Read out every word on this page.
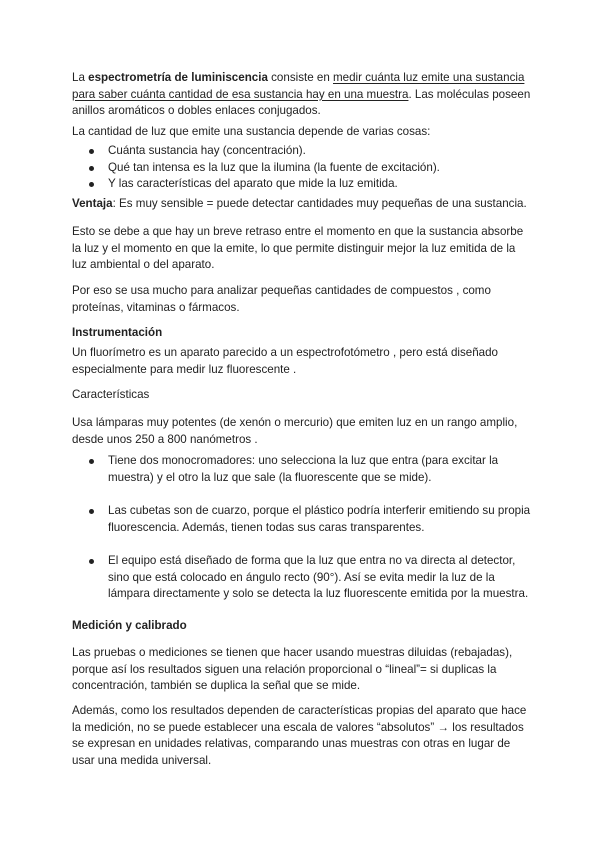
La espectrometría de luminiscencia consiste en medir cuánta luz emite una sustancia para saber cuánta cantidad de esa sustancia hay en una muestra. Las moléculas poseen anillos aromáticos o dobles enlaces conjugados.

La cantidad de luz que emite una sustancia depende de varias cosas:

Cuánta sustancia hay (concentración).
Qué tan intensa es la luz que la ilumina (la fuente de excitación).
Y las características del aparato que mide la luz emitida.

Ventaja: Es muy sensible = puede detectar cantidades muy pequeñas de una sustancia.

Esto se debe a que hay un breve retraso entre el momento en que la sustancia absorbe la luz y el momento en que la emite, lo que permite distinguir mejor la luz emitida de la luz ambiental o del aparato.

Por eso se usa mucho para analizar pequeñas cantidades de compuestos , como proteínas, vitaminas o fármacos.

Instrumentación

Un fluorímetro es un aparato parecido a un espectrofotómetro , pero está diseñado especialmente para medir luz fluorescente .

Características

Usa lámparas muy potentes (de xenón o mercurio) que emiten luz en un rango amplio, desde unos 250 a 800 nanómetros .

Tiene dos monocromadores: uno selecciona la luz que entra (para excitar la muestra) y el otro la luz que sale (la fluorescente que se mide).
Las cubetas son de cuarzo, porque el plástico podría interferir emitiendo su propia fluorescencia. Además, tienen todas sus caras transparentes.
El equipo está diseñado de forma que la luz que entra no va directa al detector, sino que está colocado en ángulo recto (90°). Así se evita medir la luz de la lámpara directamente y solo se detecta la luz fluorescente emitida por la muestra.

Medición y calibrado

Las pruebas o mediciones se tienen que hacer usando muestras diluidas (rebajadas), porque así los resultados siguen una relación proporcional o “lineal”= si duplicas la concentración, también se duplica la señal que se mide.

Además, como los resultados dependen de características propias del aparato que hace la medición, no se puede establecer una escala de valores “absolutos” → los resultados se expresan en unidades relativas, comparando unas muestras con otras en lugar de usar una medida universal.
